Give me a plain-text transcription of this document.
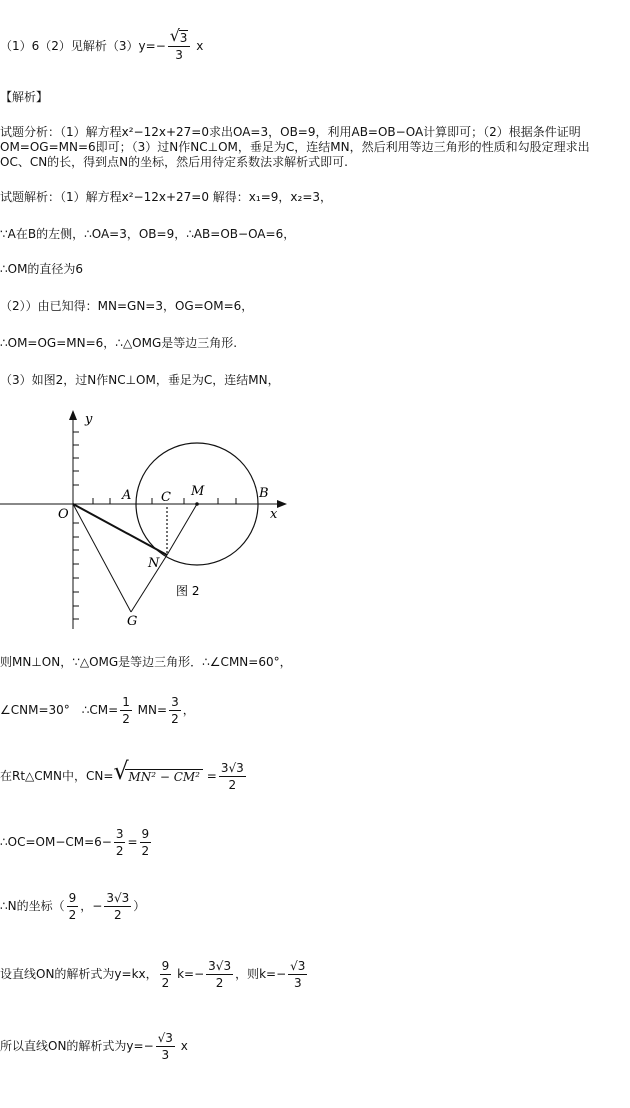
（1）6（2）见解析$(3)y=- \frac{√ 3}{3}$ x
【解析】
试题分析：（1）解方程x²−12x+27=0求出OA=3，OB=9，利用AB=OB−OA计算即可；（2）根据条件证明
OM=OG=MN=6即可；（3）过N作NC⊥OM，垂足为C，连结MN，然后利用等边三角形的性质和勾股定理求出
OC、CN的长，得到点N的坐标，然后用待定系数法求解析式即可.
试题解析：（1）解方程x²−12x+27=0 解得：x₁=9，x₂=3，
∵A在B的左侧，∴OA=3，OB=9，∴AB=OB−OA=6，
∴OM的直径为6
（2））由已知得：MN=GN=3，OG=OM=6，
∴OM=OG=MN=6，∴△OMG是等边三角形.
（3）如图2，过N作NC⊥OM，垂足为C，连结MN，
y
x
O
A C M	B
N
G
图 2
则MN⊥ON，∵△OMG是等边三角形．∴∠CMN=60°，
∠CNM=30°　∴CM= $\frac{1}{2} MN= \frac{3}{2}$ ，
在Rt△CMN中，CN= √ $MN^2 - CM^2 = \frac{3√3}{2}$
∴OC=OM−CM=6− $\frac{3}{2} = \frac{9}{2}$
∴N的坐标（ $\frac{9}{2}$ ，− $\frac{3√3}{2}$ ）
设直线ON的解析式为y=kx， $\frac{9}{2} k=- \frac{3√3}{2}$ ，则$k=- \frac{√3}{3}$
所以直线ON的解析式为$y=- \frac{√3}{3}$ x
